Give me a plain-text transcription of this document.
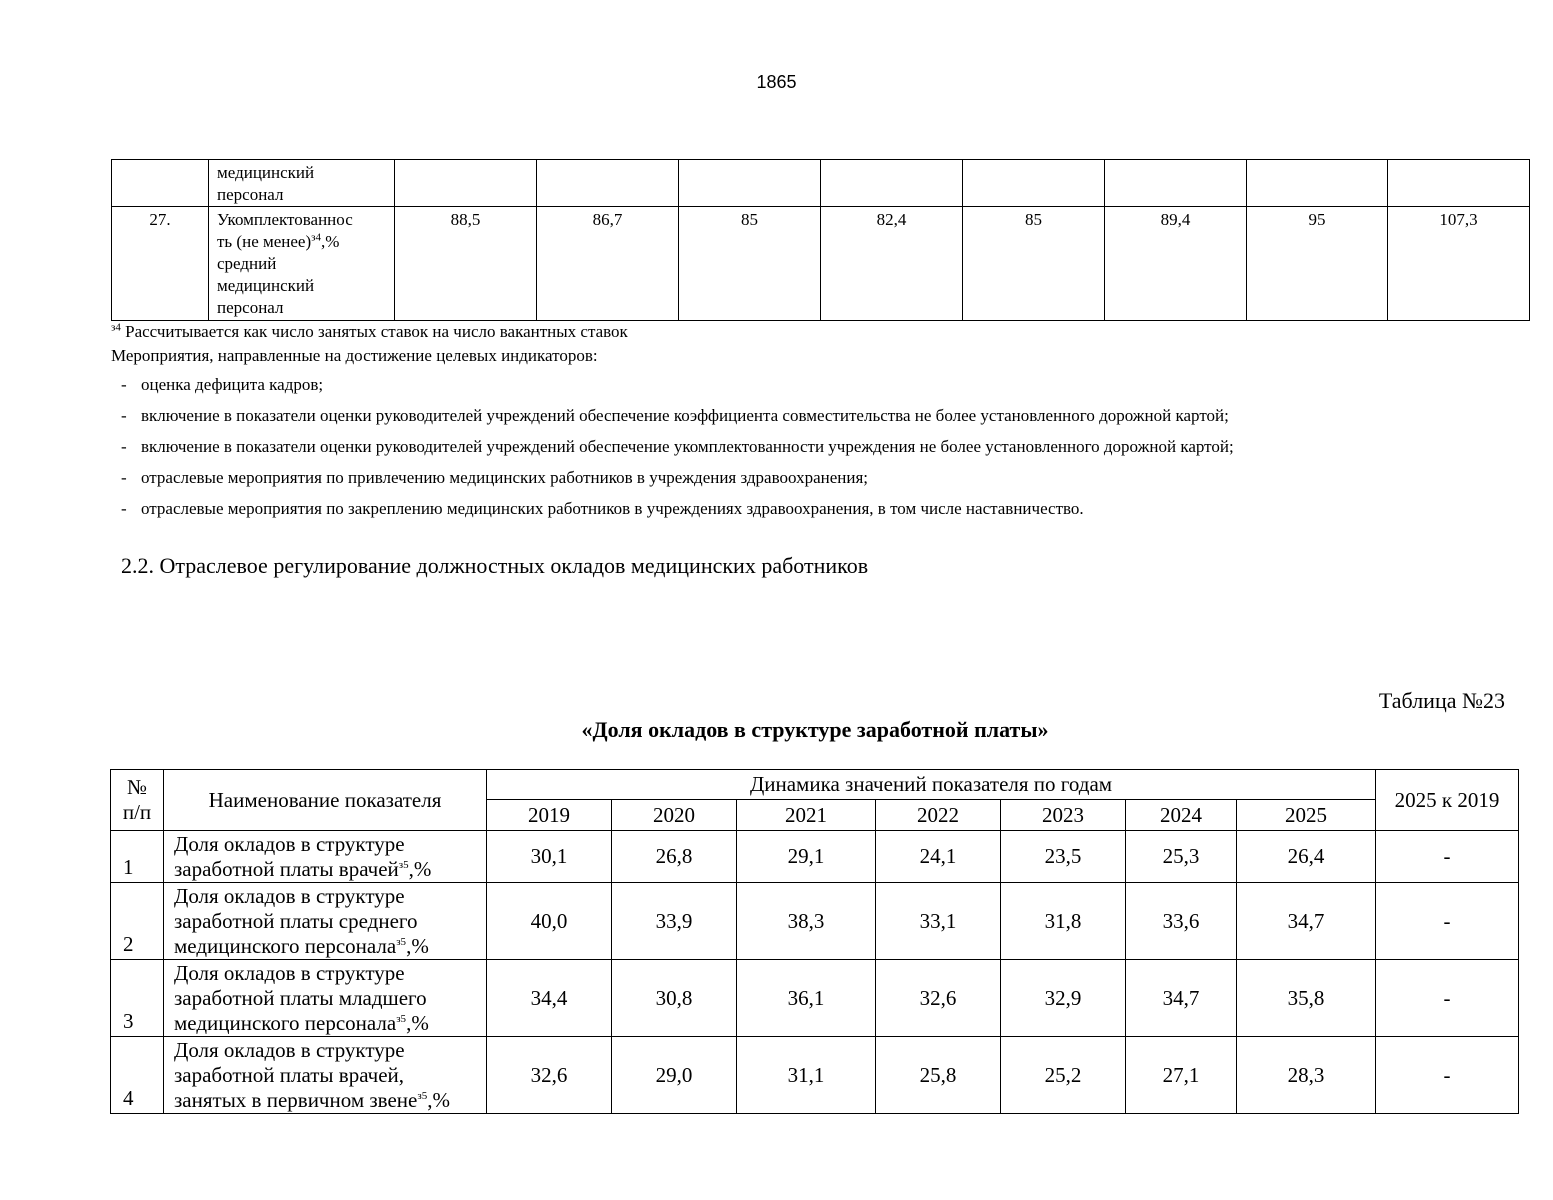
1865

	медицинский
персонал								

27.	Укомплектованнос
ть (не менее)$^{з4}$,%
средний
медицинский
персонал	88,5	86,7	85	82,4	85	89,4	95	107,3
$^{з4}$ Рассчитывается как число занятых ставок на число вакантных ставок
Мероприятия, направленные на достижение целевых индикаторов:
- оценка дефицита кадров;
- включение в показатели оценки руководителей учреждений обеспечение коэффициента совместительства не более установленного дорожной картой;
- включение в показатели оценки руководителей учреждений обеспечение укомплектованности учреждения не более установленного дорожной картой;
- отраслевые мероприятия по привлечению медицинских работников в учреждения здравоохранения;
- отраслевые мероприятия по закреплению медицинских работников в учреждениях здравоохранения, в том числе наставничество.
2.2. Отраслевое регулирование должностных окладов медицинских работников
Таблица №23
«Доля окладов в структуре заработной платы»
№
п/п	Наименование показателя	Динамика значений показателя по годам							2025 к 2019
		2019	2020	2021	2022	2023	2024	2025	
1	Доля окладов в структуре
заработной платы врачей$^{з5}$,%	30,1	26,8	29,1	24,1	23,5	25,3	26,4	-
2	Доля окладов в структуре
заработной платы среднего
медицинского персонала$^{з5}$,%	40,0	33,9	38,3	33,1	31,8	33,6	34,7	-
3	Доля окладов в структуре
заработной платы младшего
медицинского персонала$^{з5}$,%	34,4	30,8	36,1	32,6	32,9	34,7	35,8	-
4	Доля окладов в структуре
заработной платы врачей,
занятых в первичном звене$^{з5}$,%	32,6	29,0	31,1	25,8	25,2	27,1	28,3	-
